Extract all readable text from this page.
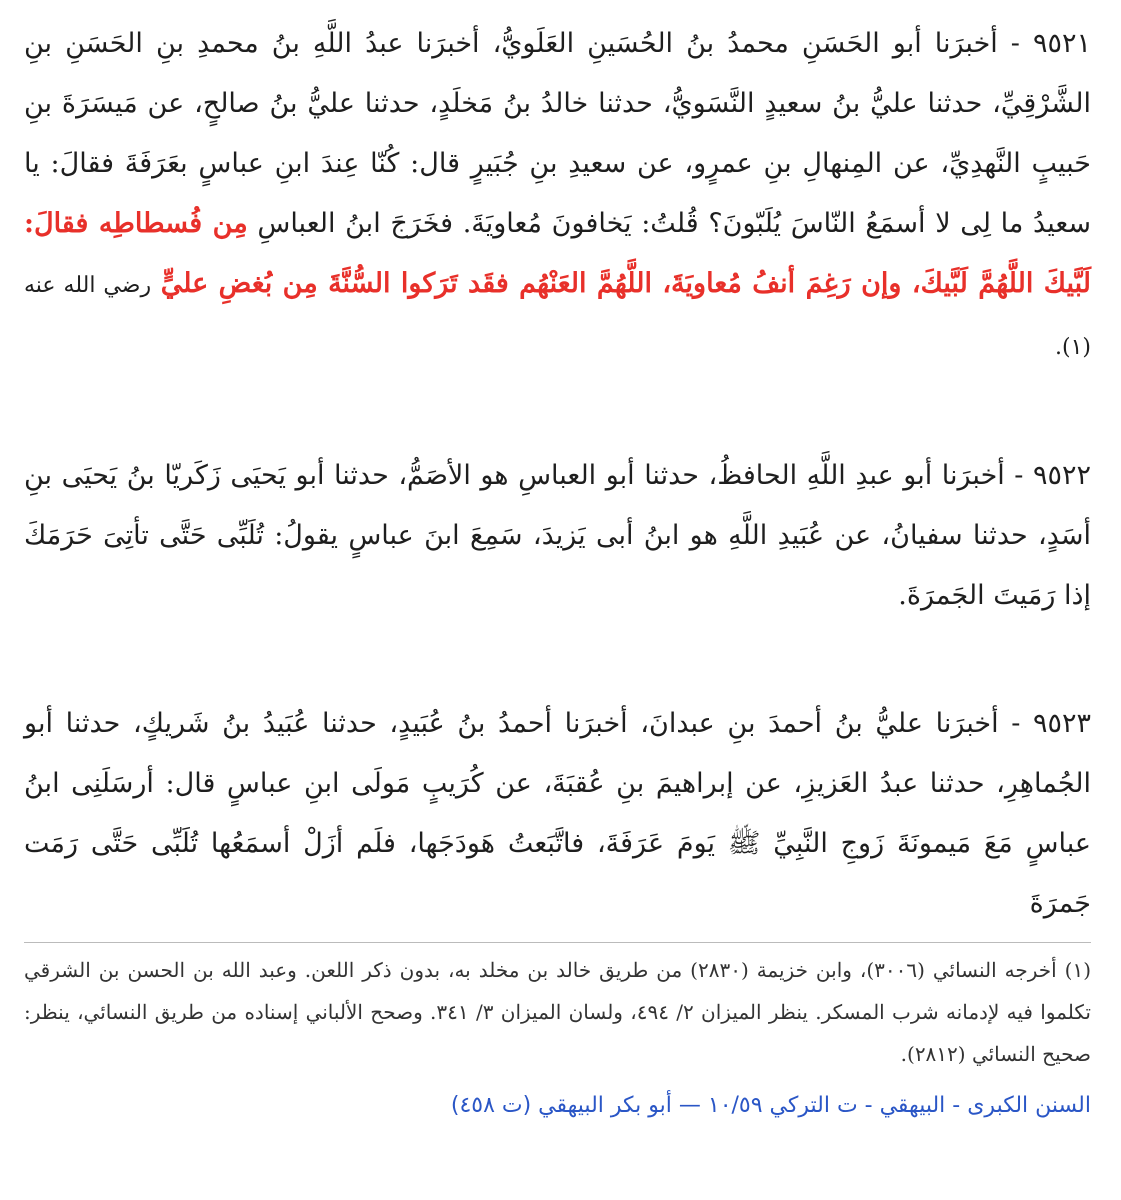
٩٥٢١ - أخبرَنا أبو الحَسَنِ محمدُ بنُ الحُسَينِ العَلَويُّ، أخبرَنا عبدُ اللَّهِ بنُ محمدِ بنِ الحَسَنِ بنِ الشَّرْقِيِّ، حدثنا عليُّ بنُ سعيدٍ النَّسَويُّ، حدثنا خالدُ بنُ مَخلَدٍ، حدثنا عليُّ بنُ صالحٍ، عن مَيسَرَةَ بنِ حَبيبٍ النَّهدِيِّ، عن المِنهالِ بنِ عمرٍو، عن سعيدِ بنِ جُبَيرٍ قال: كُنّا عِندَ ابنِ عباسٍ بعَرَفَةَ فقالَ: يا سعيدُ ما لِى لا أسمَعُ النّاسَ يُلَبّونَ؟ قُلتُ: يَخافونَ مُعاويَةَ. فخَرَجَ ابنُ العباسِ مِن فُسطاطِه فقالَ: لَبَّيكَ اللَّهُمَّ لَبَّيكَ، وإن رَغِمَ أنفُ مُعاويَةَ، اللَّهُمَّ العَنْهُم فقَد تَرَكوا السُّنَّةَ مِن بُغضِ عليٍّ رضي الله عنه (١).

٩٥٢٢ - أخبرَنا أبو عبدِ اللَّهِ الحافظُ، حدثنا أبو العباسِ هو الأصَمُّ، حدثنا أبو يَحيَى زَكَريّا بنُ يَحيَى بنِ أسَدٍ، حدثنا سفيانُ، عن عُبَيدِ اللَّهِ هو ابنُ أبى يَزيدَ، سَمِعَ ابنَ عباسٍ يقولُ: تُلَبِّى حَتَّى تأتِىَ حَرَمَكَ إذا رَمَيتَ الجَمرَةَ.

٩٥٢٣ - أخبرَنا عليُّ بنُ أحمدَ بنِ عبدانَ، أخبرَنا أحمدُ بنُ عُبَيدٍ، حدثنا عُبَيدُ بنُ شَريكٍ، حدثنا أبو الجُماهِرِ، حدثنا عبدُ العَزيزِ، عن إبراهيمَ بنِ عُقبَةَ، عن كُرَيبٍ مَولَى ابنِ عباسٍ قال: أرسَلَنِى ابنُ عباسٍ مَعَ مَيمونَةَ زَوجِ النَّبِيِّ ﷺ يَومَ عَرَفَةَ، فاتَّبَعتُ هَودَجَها، فلَم أزَلْ أسمَعُها تُلَبِّى حَتَّى رَمَت جَمرَةَ

(١) أخرجه النسائي (٣٠٠٦)، وابن خزيمة (٢٨٣٠) من طريق خالد بن مخلد به، بدون ذكر اللعن. وعبد الله بن الحسن بن الشرقي تكلموا فيه لإدمانه شرب المسكر. ينظر الميزان ٢/ ٤٩٤، ولسان الميزان ٣/ ٣٤١. وصحح الألباني إسناده من طريق النسائي، ينظر: صحيح النسائي (٢٨١٢).

السنن الكبرى - البيهقي - ت التركي ١٠/٥٩ — أبو بكر البيهقي (ت ٤٥٨)
